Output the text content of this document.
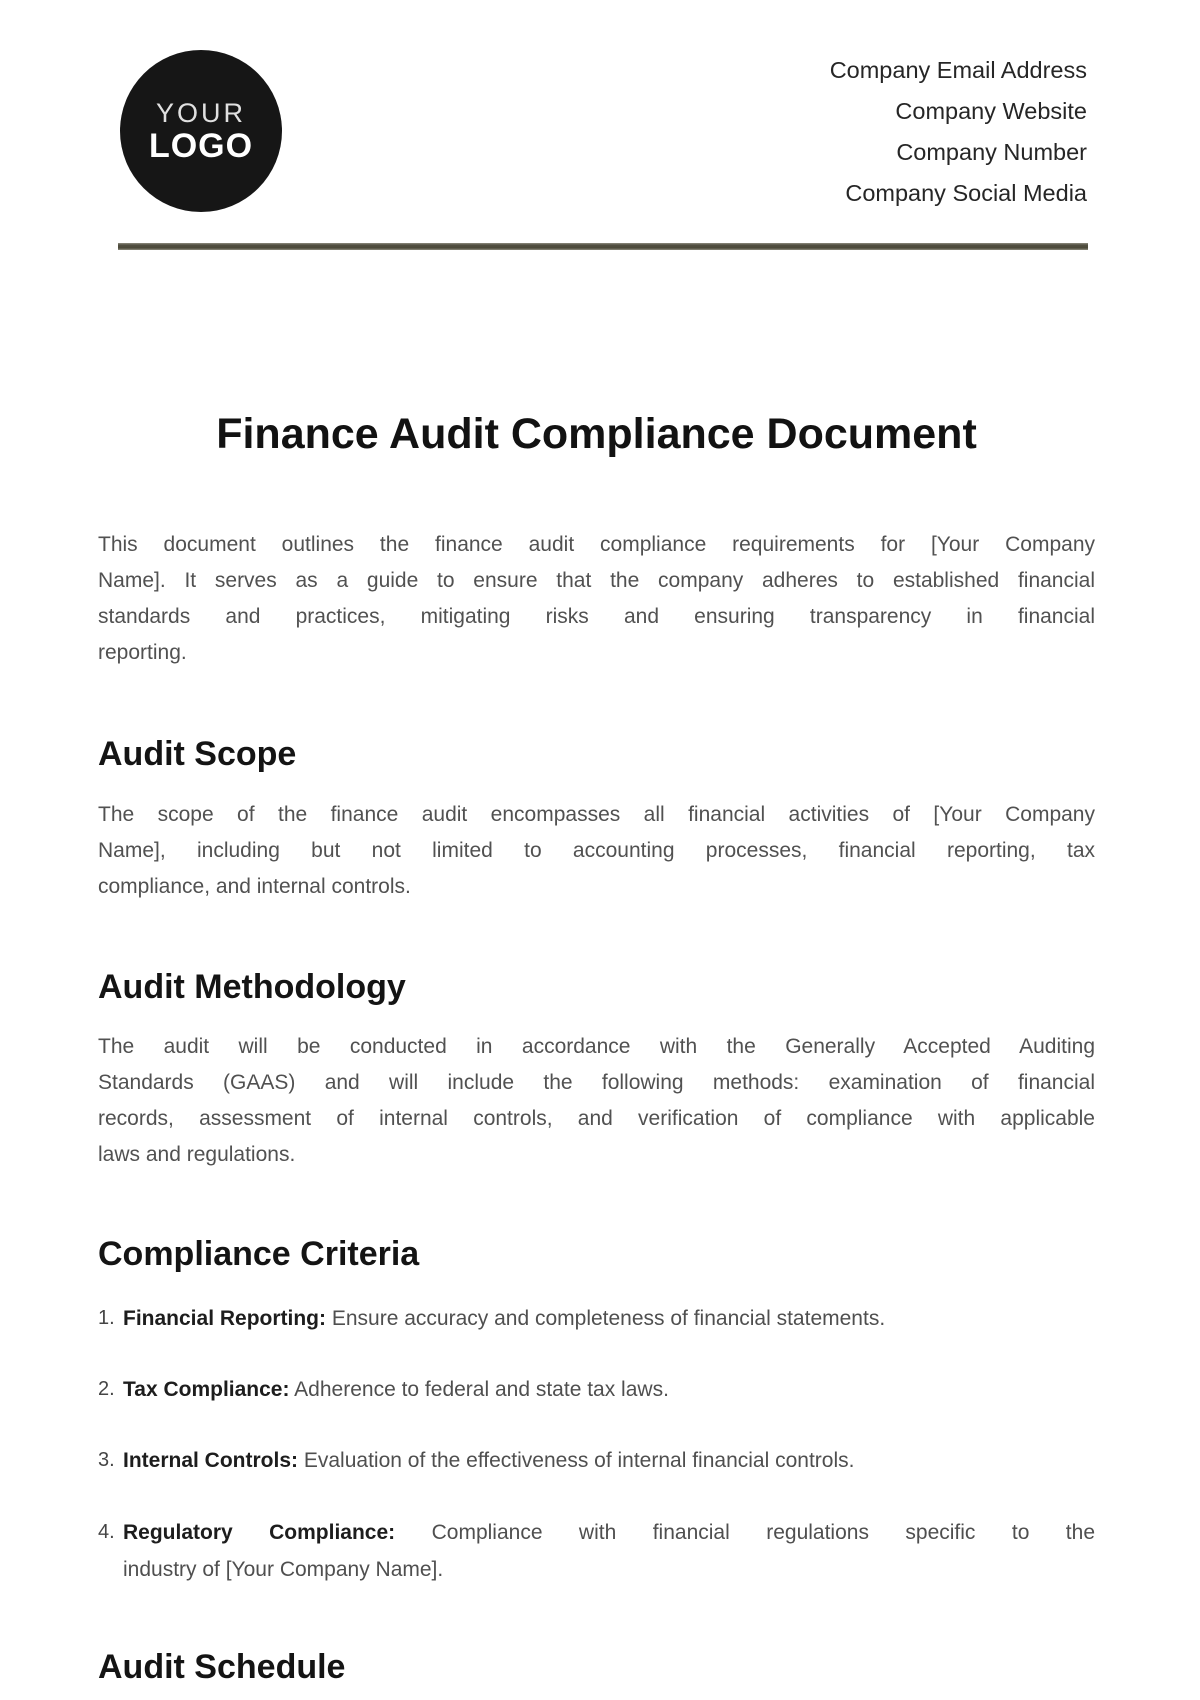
YOUR
LOGO
Company Email Address
Company Website
Company Number
Company Social Media
Finance Audit Compliance Document
This document outlines the finance audit compliance requirements for [Your Company
Name]. It serves as a guide to ensure that the company adheres to established financial
standards and practices, mitigating risks and ensuring transparency in financial
reporting.
Audit Scope
The scope of the finance audit encompasses all financial activities of [Your Company
Name], including but not limited to accounting processes, financial reporting, tax
compliance, and internal controls.
Audit Methodology
The audit will be conducted in accordance with the Generally Accepted Auditing
Standards (GAAS) and will include the following methods: examination of financial
records, assessment of internal controls, and verification of compliance with applicable
laws and regulations.
Compliance Criteria
1. Financial Reporting: Ensure accuracy and completeness of financial statements.
2. Tax Compliance: Adherence to federal and state tax laws.
3. Internal Controls: Evaluation of the effectiveness of internal financial controls.
4. Regulatory Compliance: Compliance with financial regulations specific to the
industry of [Your Company Name].
Audit Schedule
